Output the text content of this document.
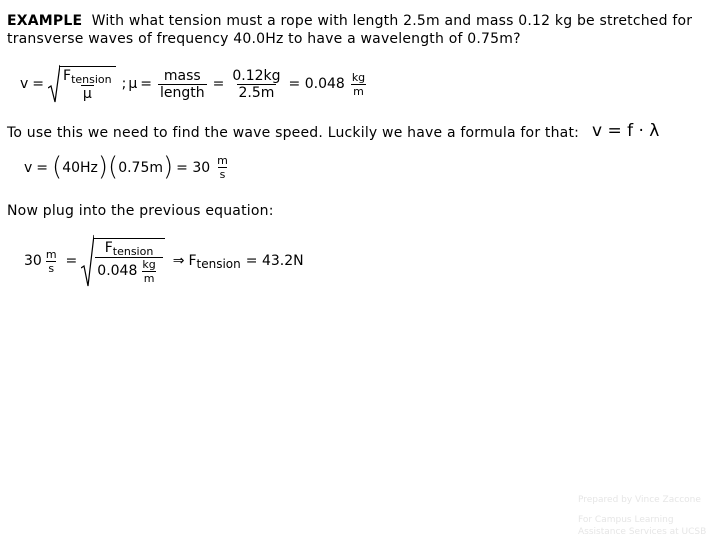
EXAMPLE With what tension must a rope with length 2.5m and mass 0.12 kg be stretched for
transverse waves of frequency 40.0Hz to have a wavelength of 0.75m?
$v = \frac{F_{tension}}{\mu}$ ; $\mu = \frac{\text{mass}}{\text{length}} = \frac{0.12kg}{2.5m} = 0.048 \frac{kg}{m}$
To use this we need to find the wave speed. Luckily we have a formula for that: v = f · λ
v = ( 40Hz ) ( 0.75m ) = $30 \frac{m}{s}$
Now plug into the previous equation:
$30 \frac{m}{s} = \frac{F_{tension}}{0.048 \frac{kg}{m}}$ ⇒ F tension = 43.2N
Prepared by Vince Zaccone
For Campus Learning
Assistance Services at UCSB
